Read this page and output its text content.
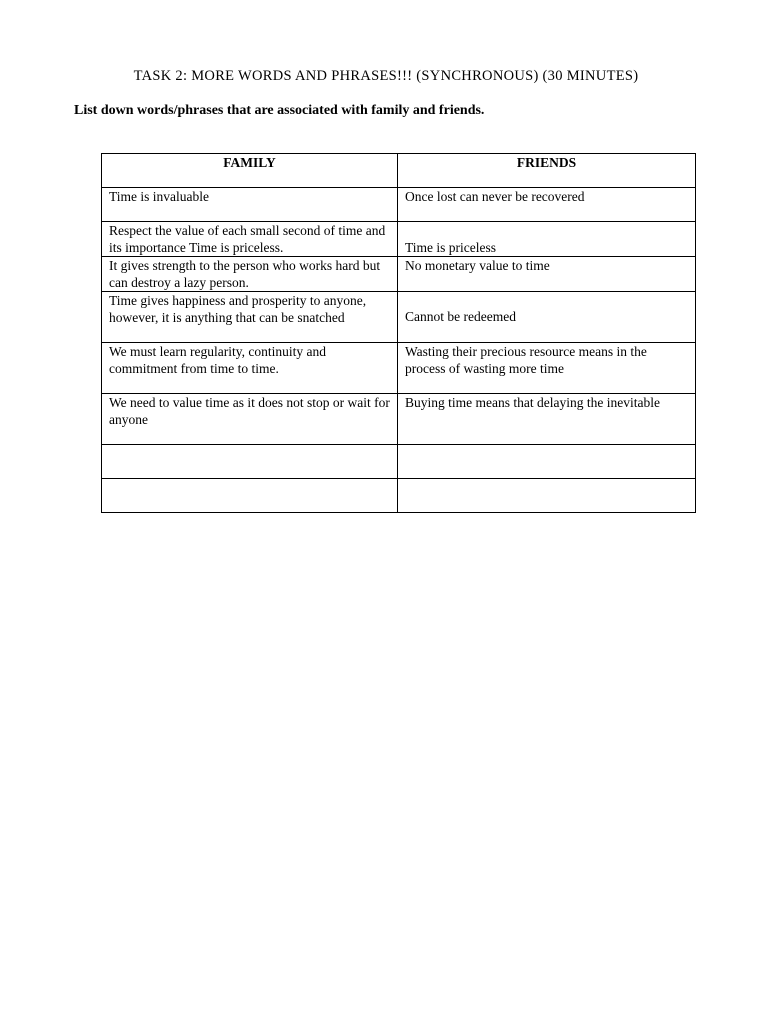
TASK 2: MORE WORDS AND PHRASES!!! (SYNCHRONOUS) (30 MINUTES)
List down words/phrases that are associated with family and friends.
FAMILY	FRIENDS
Time is invaluable	Once lost can never be recovered
Respect the value of each small second of time and its importance Time is priceless.	Time is priceless
It gives strength to the person who works hard but can destroy a lazy person.	No monetary value to time
Time gives happiness and prosperity to anyone, however, it is anything that can be snatched	Cannot be redeemed
We must learn regularity, continuity and commitment from time to time.	Wasting their precious resource means in the process of wasting more time
We need to value time as it does not stop or wait for anyone	Buying time means that delaying the inevitable
